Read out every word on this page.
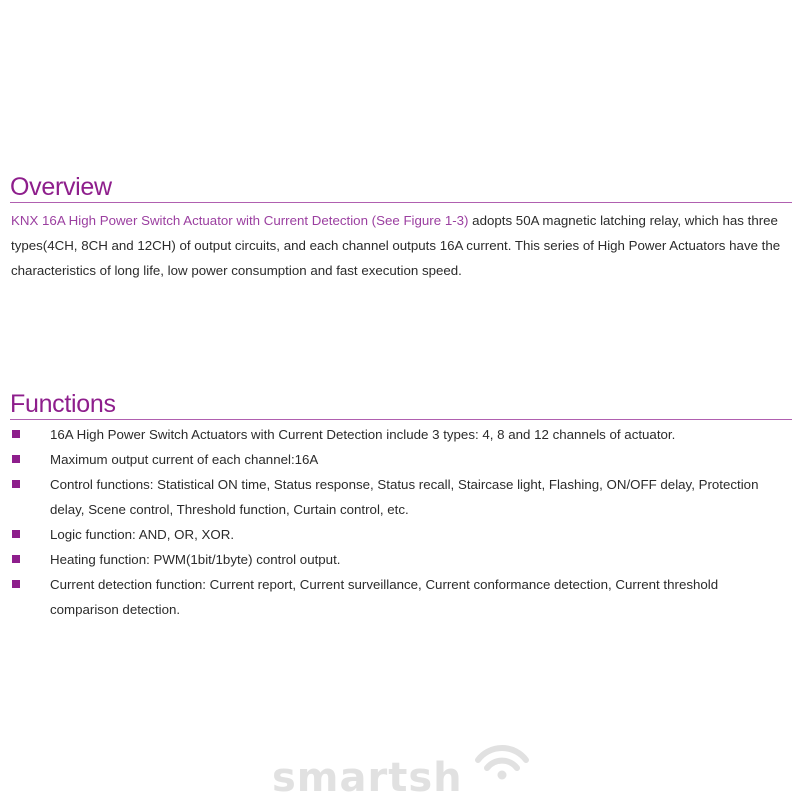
Overview

KNX 16A High Power Switch Actuator with Current Detection (See Figure 1-3) adopts 50A magnetic latching relay, which has three types(4CH, 8CH and 12CH) of output circuits, and each channel outputs 16A current. This series of High Power Actuators have the characteristics of long life, low power consumption and fast execution speed.

Functions
16A High Power Switch Actuators with Current Detection include 3 types: 4, 8 and 12 channels of actuator.
Maximum output current of each channel:16A
Control functions: Statistical ON time, Status response, Status recall, Staircase light, Flashing, ON/OFF delay, Protection delay, Scene control, Threshold function, Curtain control, etc.
Logic function: AND, OR, XOR.
Heating function: PWM(1bit/1byte) control output.
Current detection function: Current report, Current surveillance, Current conformance detection, Current threshold comparison detection.
smartsh
